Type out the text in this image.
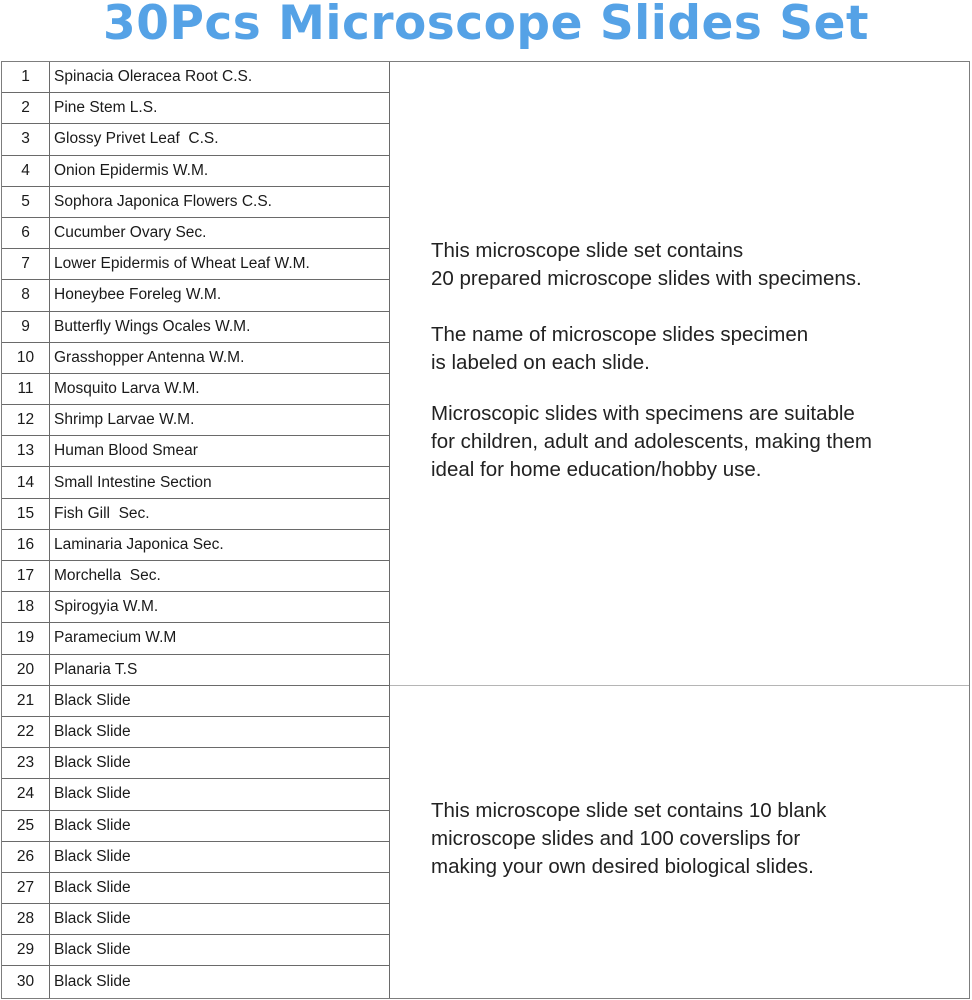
30Pcs Microscope Slides Set
1	Spinacia Oleracea Root C.S.
2	Pine Stem L.S.
3	Glossy Privet Leaf  C.S.
4	Onion Epidermis W.M.
5	Sophora Japonica Flowers C.S.
6	Cucumber Ovary Sec.
7	Lower Epidermis of Wheat Leaf W.M.
8	Honeybee Foreleg W.M.
9	Butterfly Wings Ocales W.M.
10	Grasshopper Antenna W.M.
11	Mosquito Larva W.M.
12	Shrimp Larvae W.M.
13	Human Blood Smear
14	Small Intestine Section
15	Fish Gill  Sec.
16	Laminaria Japonica Sec.
17	Morchella  Sec.
18	Spirogyia W.M.
19	Paramecium W.M
20	Planaria T.S
21	Black Slide
22	Black Slide
23	Black Slide
24	Black Slide
25	Black Slide
26	Black Slide
27	Black Slide
28	Black Slide
29	Black Slide
30	Black Slide
This microscope slide set contains
20 prepared microscope slides with specimens.
The name of microscope slides specimen
is labeled on each slide.
Microscopic slides with specimens are suitable
for children, adult and adolescents, making them
ideal for home education/hobby use.
This microscope slide set contains 10 blank
microscope slides and 100 coverslips for
making your own desired biological slides.
